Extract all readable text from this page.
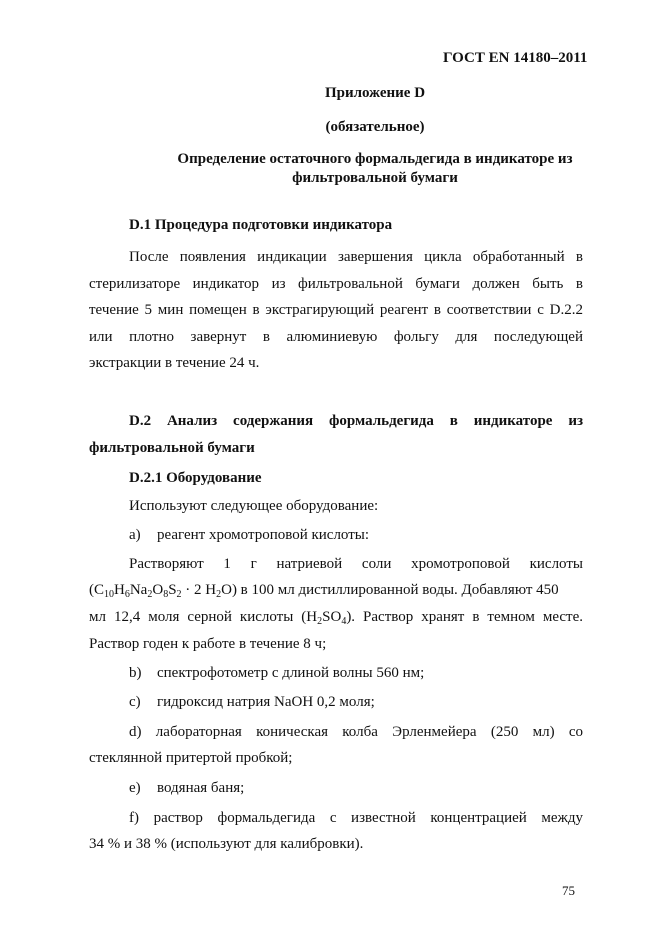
ГОСТ EN 14180–2011
Приложение D
(обязательное)
Определение остаточного формальдегида в индикаторе из
фильтровальной бумаги
D.1 Процедура подготовки индикатора
После появления индикации завершения цикла обработанный в
стерилизаторе индикатор из фильтровальной бумаги должен быть в
течение 5 мин помещен в экстрагирующий реагент в соответствии с D.2.2
или плотно завернут в алюминиевую фольгу для последующей
экстракции в течение 24 ч.
D.2 Анализ содержания формальдегида в индикаторе из
фильтровальной бумаги
D.2.1 Оборудование
Используют следующее оборудование:
a) реагент хромотроповой кислоты:
Растворяют 1 г натриевой соли хромотроповой кислоты
($C_{10}H_6Na_2O_8S_2 \cdot 2$ $H_2O$) в 100 мл дистиллированной воды. Добавляют 450
мл 12,4 моля серной кислоты $(H_2SO_4)$. Раствор хранят в темном месте.
Раствор годен к работе в течение 8 ч;
b) спектрофотометр с длиной волны 560 нм;
c) гидроксид натрия NaOH 0,2 моля;
d) лабораторная коническая колба Эрленмейера (250 мл) со
стеклянной притертой пробкой;
e) водяная баня;
f) раствор формальдегида с известной концентрацией между
34 % и 38 % (используют для калибровки).
75
